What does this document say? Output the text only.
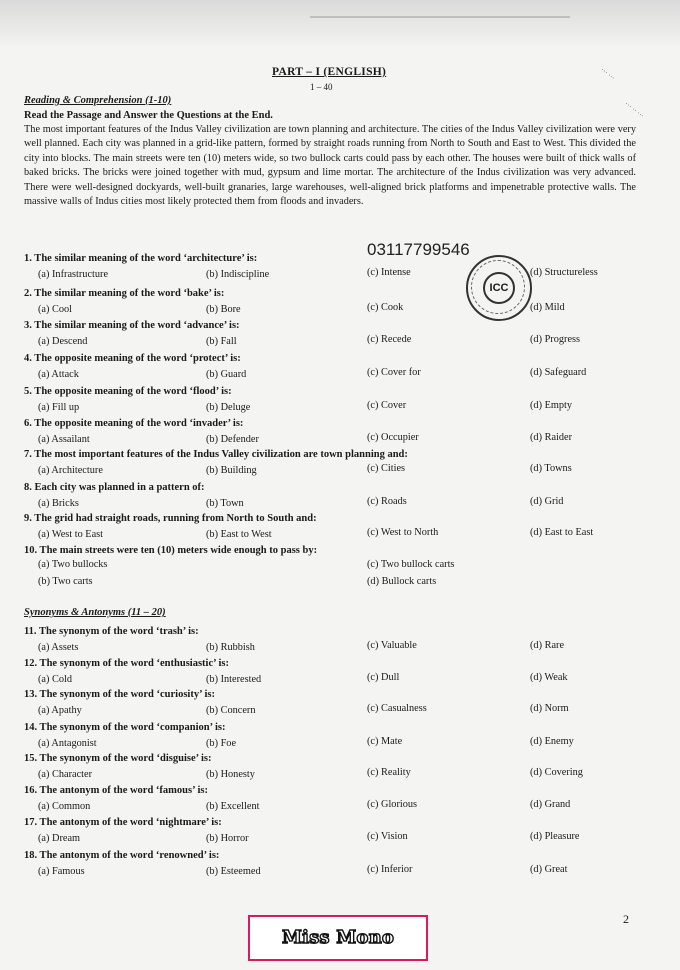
··· ···
··· ·· ···
PART – I (ENGLISH)
1 – 40
Reading & Comprehension (1-10)
Read the Passage and Answer the Questions at the End.
The most important features of the Indus Valley civilization are town planning and architecture. The cities of the Indus Valley civilization were very well planned. Each city was planned in a grid-like pattern, formed by straight roads running from North to South and East to West. This divided the city into blocks. The main streets were ten (10) meters wide, so two bullock carts could pass by each other. The houses were built of thick walls of baked bricks. The bricks were joined together with mud, gypsum and lime mortar. The architecture of the Indus civilization was very advanced. There were well-designed dockyards, well-built granaries, large warehouses, well-aligned brick platforms and impenetrable protective walls. The massive walls of Indus cities most likely protected them from floods and invaders.
Synonyms & Antonyms (11 – 20)
1. The similar meaning of the word ‘architecture’ is:
(a) Infrastructure	(b) Indiscipline	(c) Intense	(d) Structureless
2. The similar meaning of the word ‘bake’ is:
(a) Cool	(b) Bore	(c) Cook	(d) Mild
3. The similar meaning of the word ‘advance’ is:
(a) Descend	(b) Fall	(c) Recede	(d) Progress
4. The opposite meaning of the word ‘protect’ is:
(a) Attack	(b) Guard	(c) Cover for	(d) Safeguard
5. The opposite meaning of the word ‘flood’ is:
(a) Fill up	(b) Deluge	(c) Cover	(d) Empty
6. The opposite meaning of the word ‘invader’ is:
(a) Assailant	(b) Defender	(c) Occupier	(d) Raider
7. The most important features of the Indus Valley civilization are town planning and:
(a) Architecture	(b) Building	(c) Cities	(d) Towns
8. Each city was planned in a pattern of:
(a) Bricks	(b) Town	(c) Roads	(d) Grid
9. The grid had straight roads, running from North to South and:
(a) West to East	(b) East to West	(c) West to North	(d) East to East
10. The main streets were ten (10) meters wide enough to pass by:
(a) Two bullocks
(b) Two carts
(c) Two bullock carts
(d) Bullock carts
11. The synonym of the word ‘trash’ is:
(a) Assets	(b) Rubbish	(c) Valuable	(d) Rare
12. The synonym of the word ‘enthusiastic’ is:
(a) Cold	(b) Interested	(c) Dull	(d) Weak
13. The synonym of the word ‘curiosity’ is:
(a) Apathy	(b) Concern	(c) Casualness	(d) Norm
14. The synonym of the word ‘companion’ is:
(a) Antagonist	(b) Foe	(c) Mate	(d) Enemy
15. The synonym of the word ‘disguise’ is:
(a) Character	(b) Honesty	(c) Reality	(d) Covering
16. The antonym of the word ‘famous’ is:
(a) Common	(b) Excellent	(c) Glorious	(d) Grand
17. The antonym of the word ‘nightmare’ is:
(a) Dream	(b) Horror	(c) Vision	(d) Pleasure
18. The antonym of the word ‘renowned’ is:
(a) Famous	(b) Esteemed	(c) Inferior	(d) Great
03117799546
ICC
2
Miss Mono
